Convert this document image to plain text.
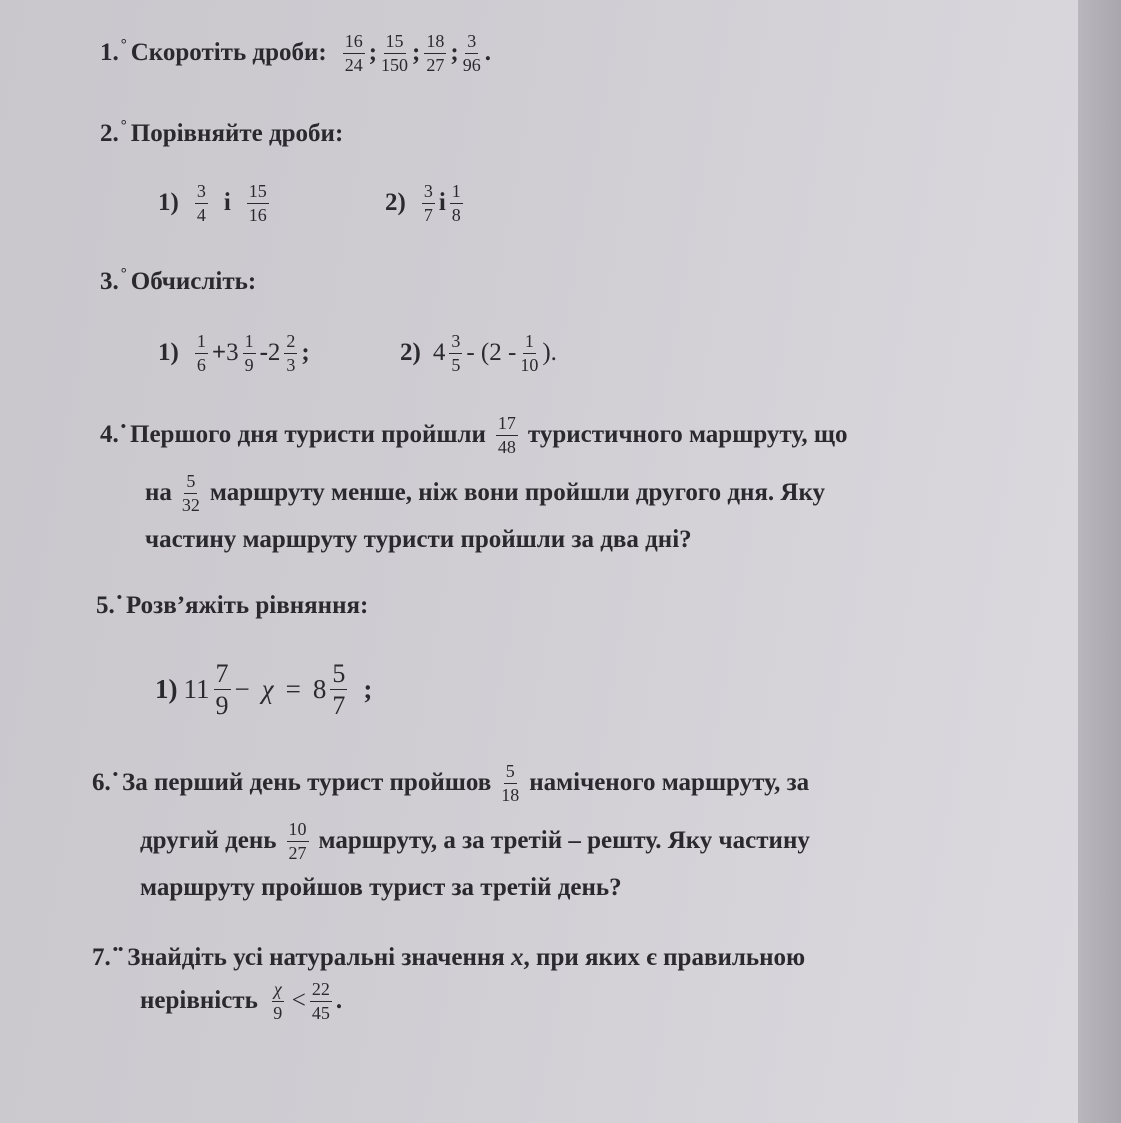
1.° Скоротіть дроби: $\frac{16}{24}$ ; $\frac{15}{150}$ ; $\frac{18}{27}$ ; $\frac{3}{96}$ .
2.° Порівняйте дроби:
$1) \frac{3}{4}$ і $\frac{15}{16}$	$2) \frac{3}{7}$ і $\frac{1}{8}$
3.° Обчисліть:
$1) \frac{1}{6} + 3 \frac{1}{9} - 2 \frac{2}{3}$ ;	2) $4 \frac{3}{5} - (2 - \frac{1}{10}$ ).
4.• Першого дня туристи пройшли $\frac{17}{48}$ туристичного маршруту, що
на $\frac{5}{32}$ маршруту менше, ніж вони пройшли другого дня. Яку
частину маршруту туристи пройшли за два дні?
5.• Розв’яжіть рівняння:
1) $11 \frac{7}{9} - \chi = 8 \frac{5}{7}$ ;
6.• За перший день турист пройшов $\frac{5}{18}$ наміченого маршруту, за
другий день $\frac{10}{27}$ маршруту, а за третій – решту. Яку частину
маршруту пройшов турист за третій день?
7.•• Знайдіть усі натуральні значення
x , при яких є правильною
нерівність $\frac{\chi}{9} < \frac{22}{45}$ .
